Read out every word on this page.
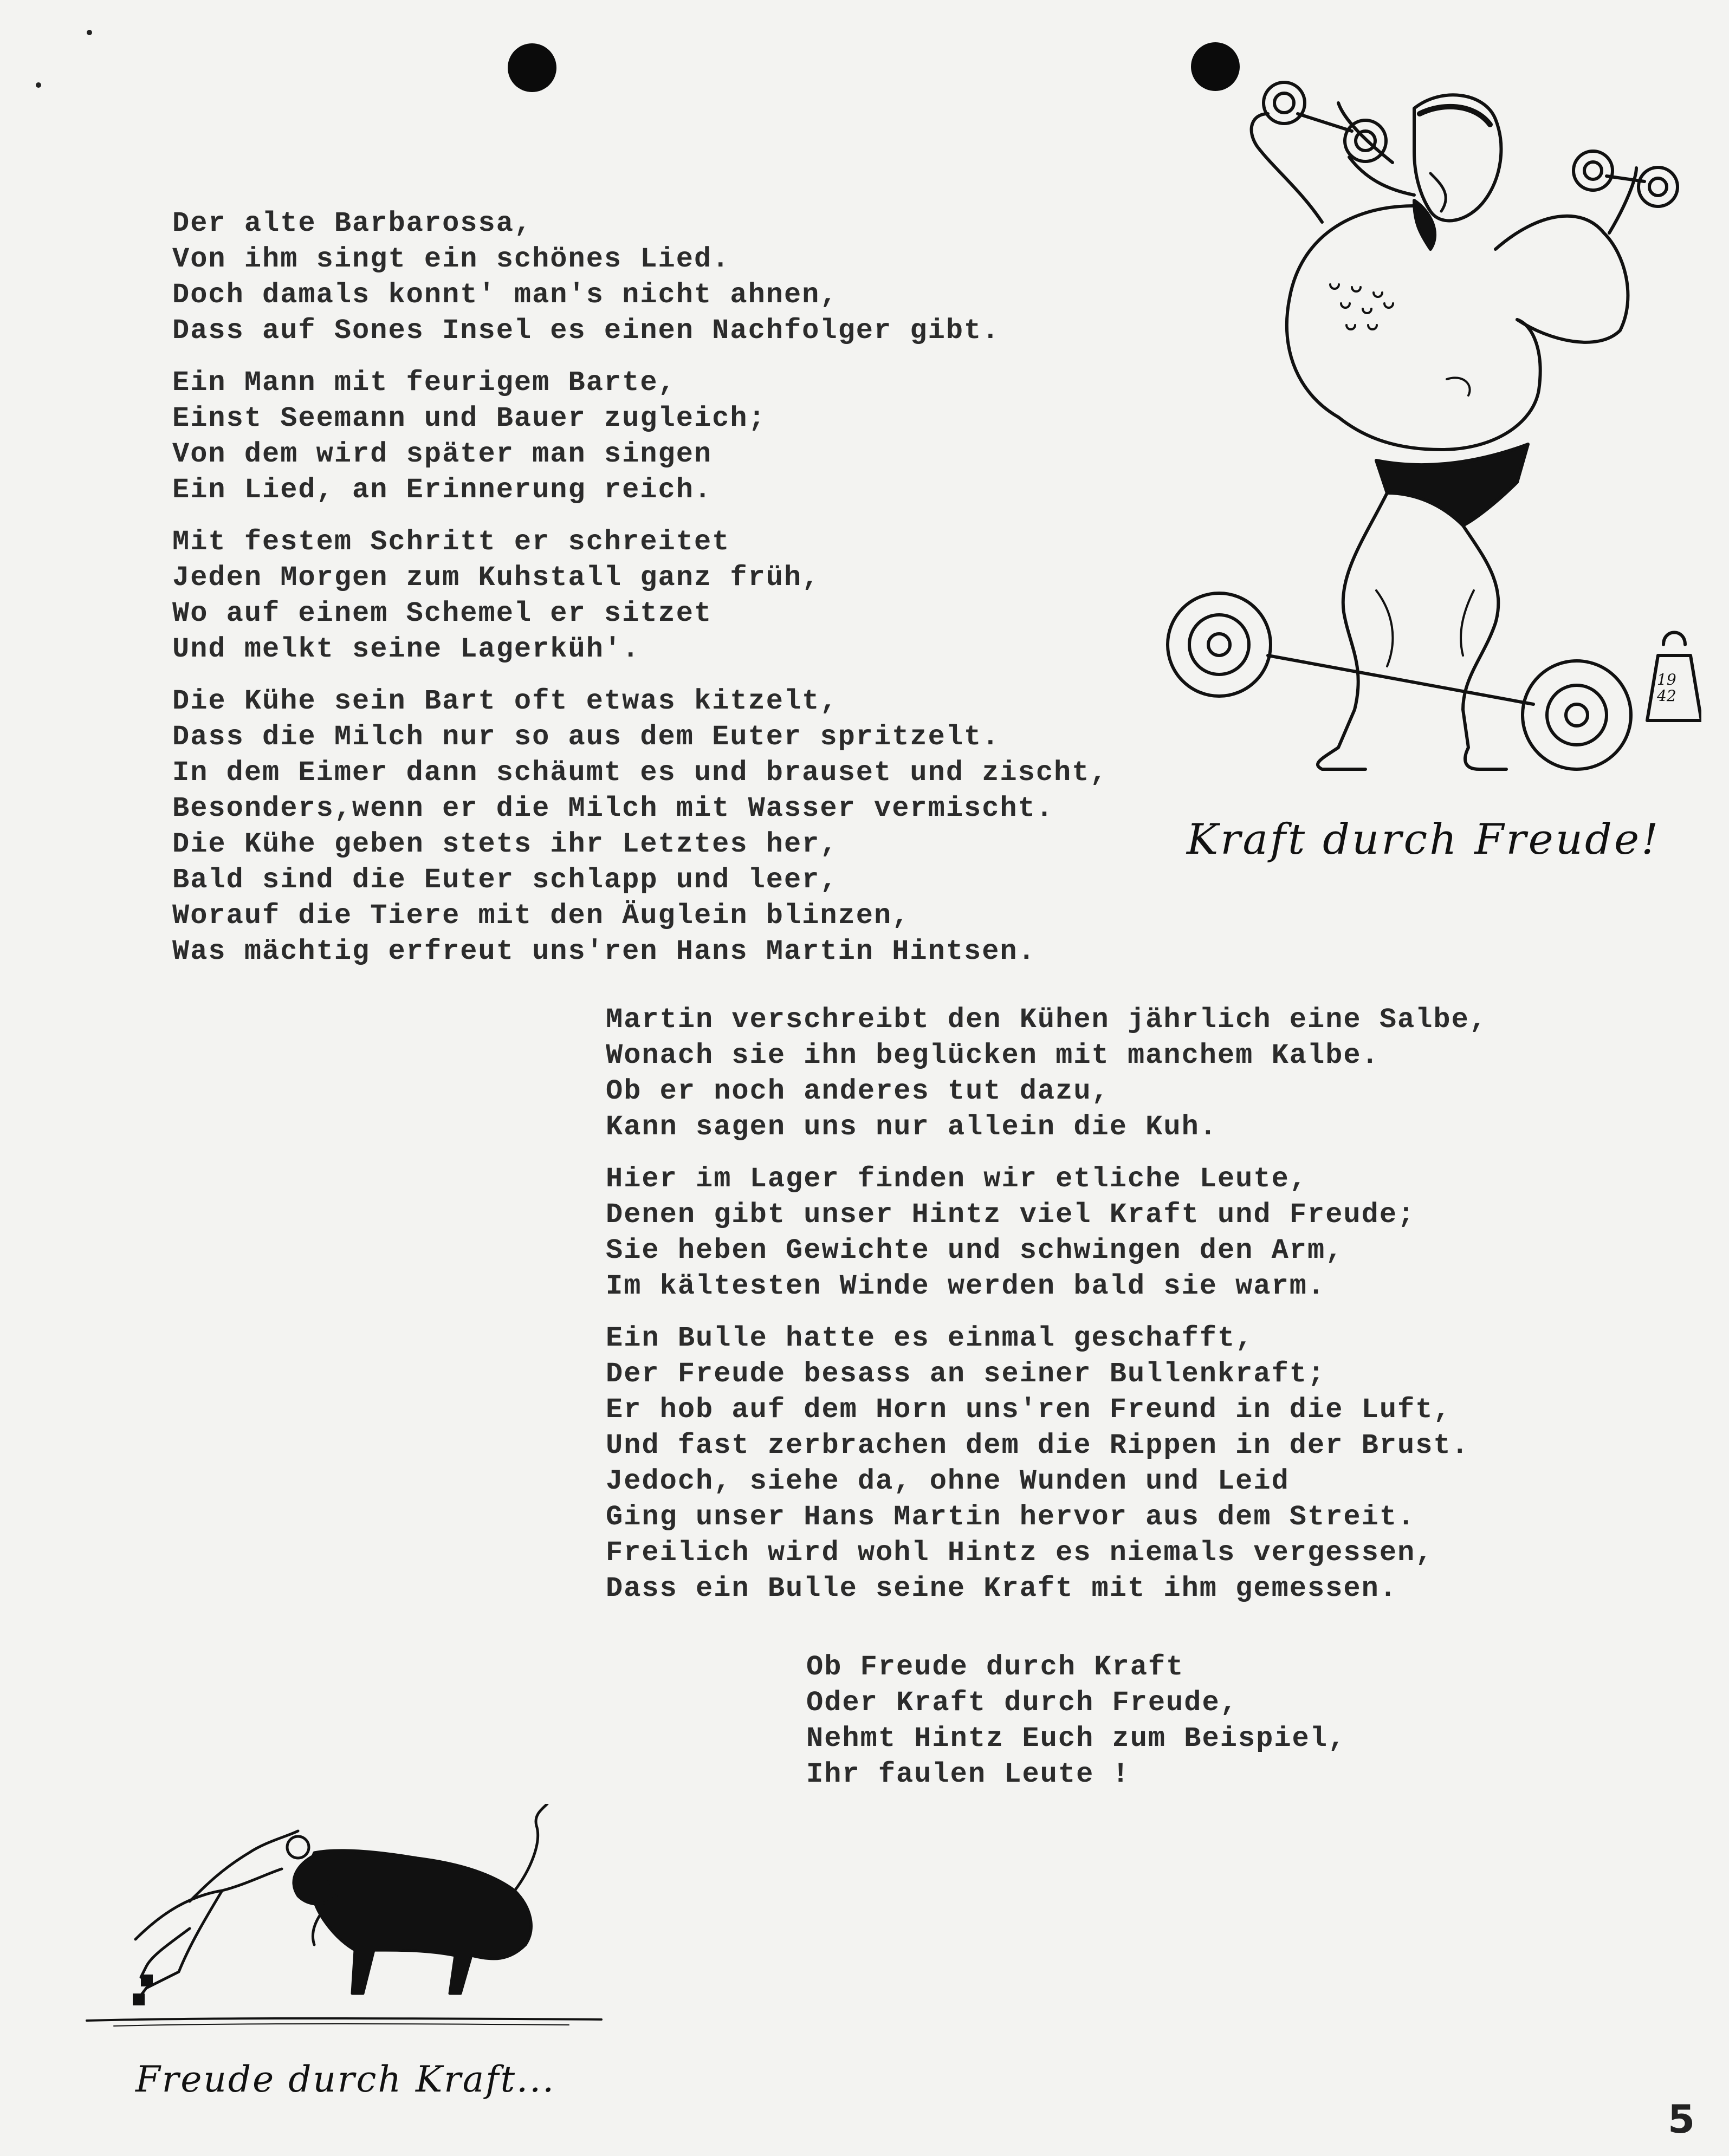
Der alte Barbarossa,
Von ihm singt ein schönes Lied.
Doch damals konnt' man's nicht ahnen,
Dass auf Sones Insel es einen Nachfolger gibt.
Ein Mann mit feurigem Barte,
Einst Seemann und Bauer zugleich;
Von dem wird später man singen
Ein Lied, an Erinnerung reich.
Mit festem Schritt er schreitet
Jeden Morgen zum Kuhstall ganz früh,
Wo auf einem Schemel er sitzet
Und melkt seine Lagerküh'.
Die Kühe sein Bart oft etwas kitzelt,
Dass die Milch nur so aus dem Euter spritzelt.
In dem Eimer dann schäumt es und brauset und zischt,
Besonders,wenn er die Milch mit Wasser vermischt.
Die Kühe geben stets ihr Letztes her,
Bald sind die Euter schlapp und leer,
Worauf die Tiere mit den Äuglein blinzen,
Was mächtig erfreut uns'ren Hans Martin Hintsen.
Martin verschreibt den Kühen jährlich eine Salbe,
Wonach sie ihn beglücken mit manchem Kalbe.
Ob er noch anderes tut dazu,
Kann sagen uns nur allein die Kuh.
Hier im Lager finden wir etliche Leute,
Denen gibt unser Hintz viel Kraft und Freude;
Sie heben Gewichte und schwingen den Arm,
Im kältesten Winde werden bald sie warm.
Ein Bulle hatte es einmal geschafft,
Der Freude besass an seiner Bullenkraft;
Er hob auf dem Horn uns'ren Freund in die Luft,
Und fast zerbrachen dem die Rippen in der Brust.
Jedoch, siehe da, ohne Wunden und Leid
Ging unser Hans Martin hervor aus dem Streit.
Freilich wird wohl Hintz es niemals vergessen,
Dass ein Bulle seine Kraft mit ihm gemessen.
Ob Freude durch Kraft
Oder Kraft durch Freude,
Nehmt Hintz Euch zum Beispiel,
Ihr faulen Leute !
19
42
Kraft durch Freude!
Freude durch Kraft...
5
